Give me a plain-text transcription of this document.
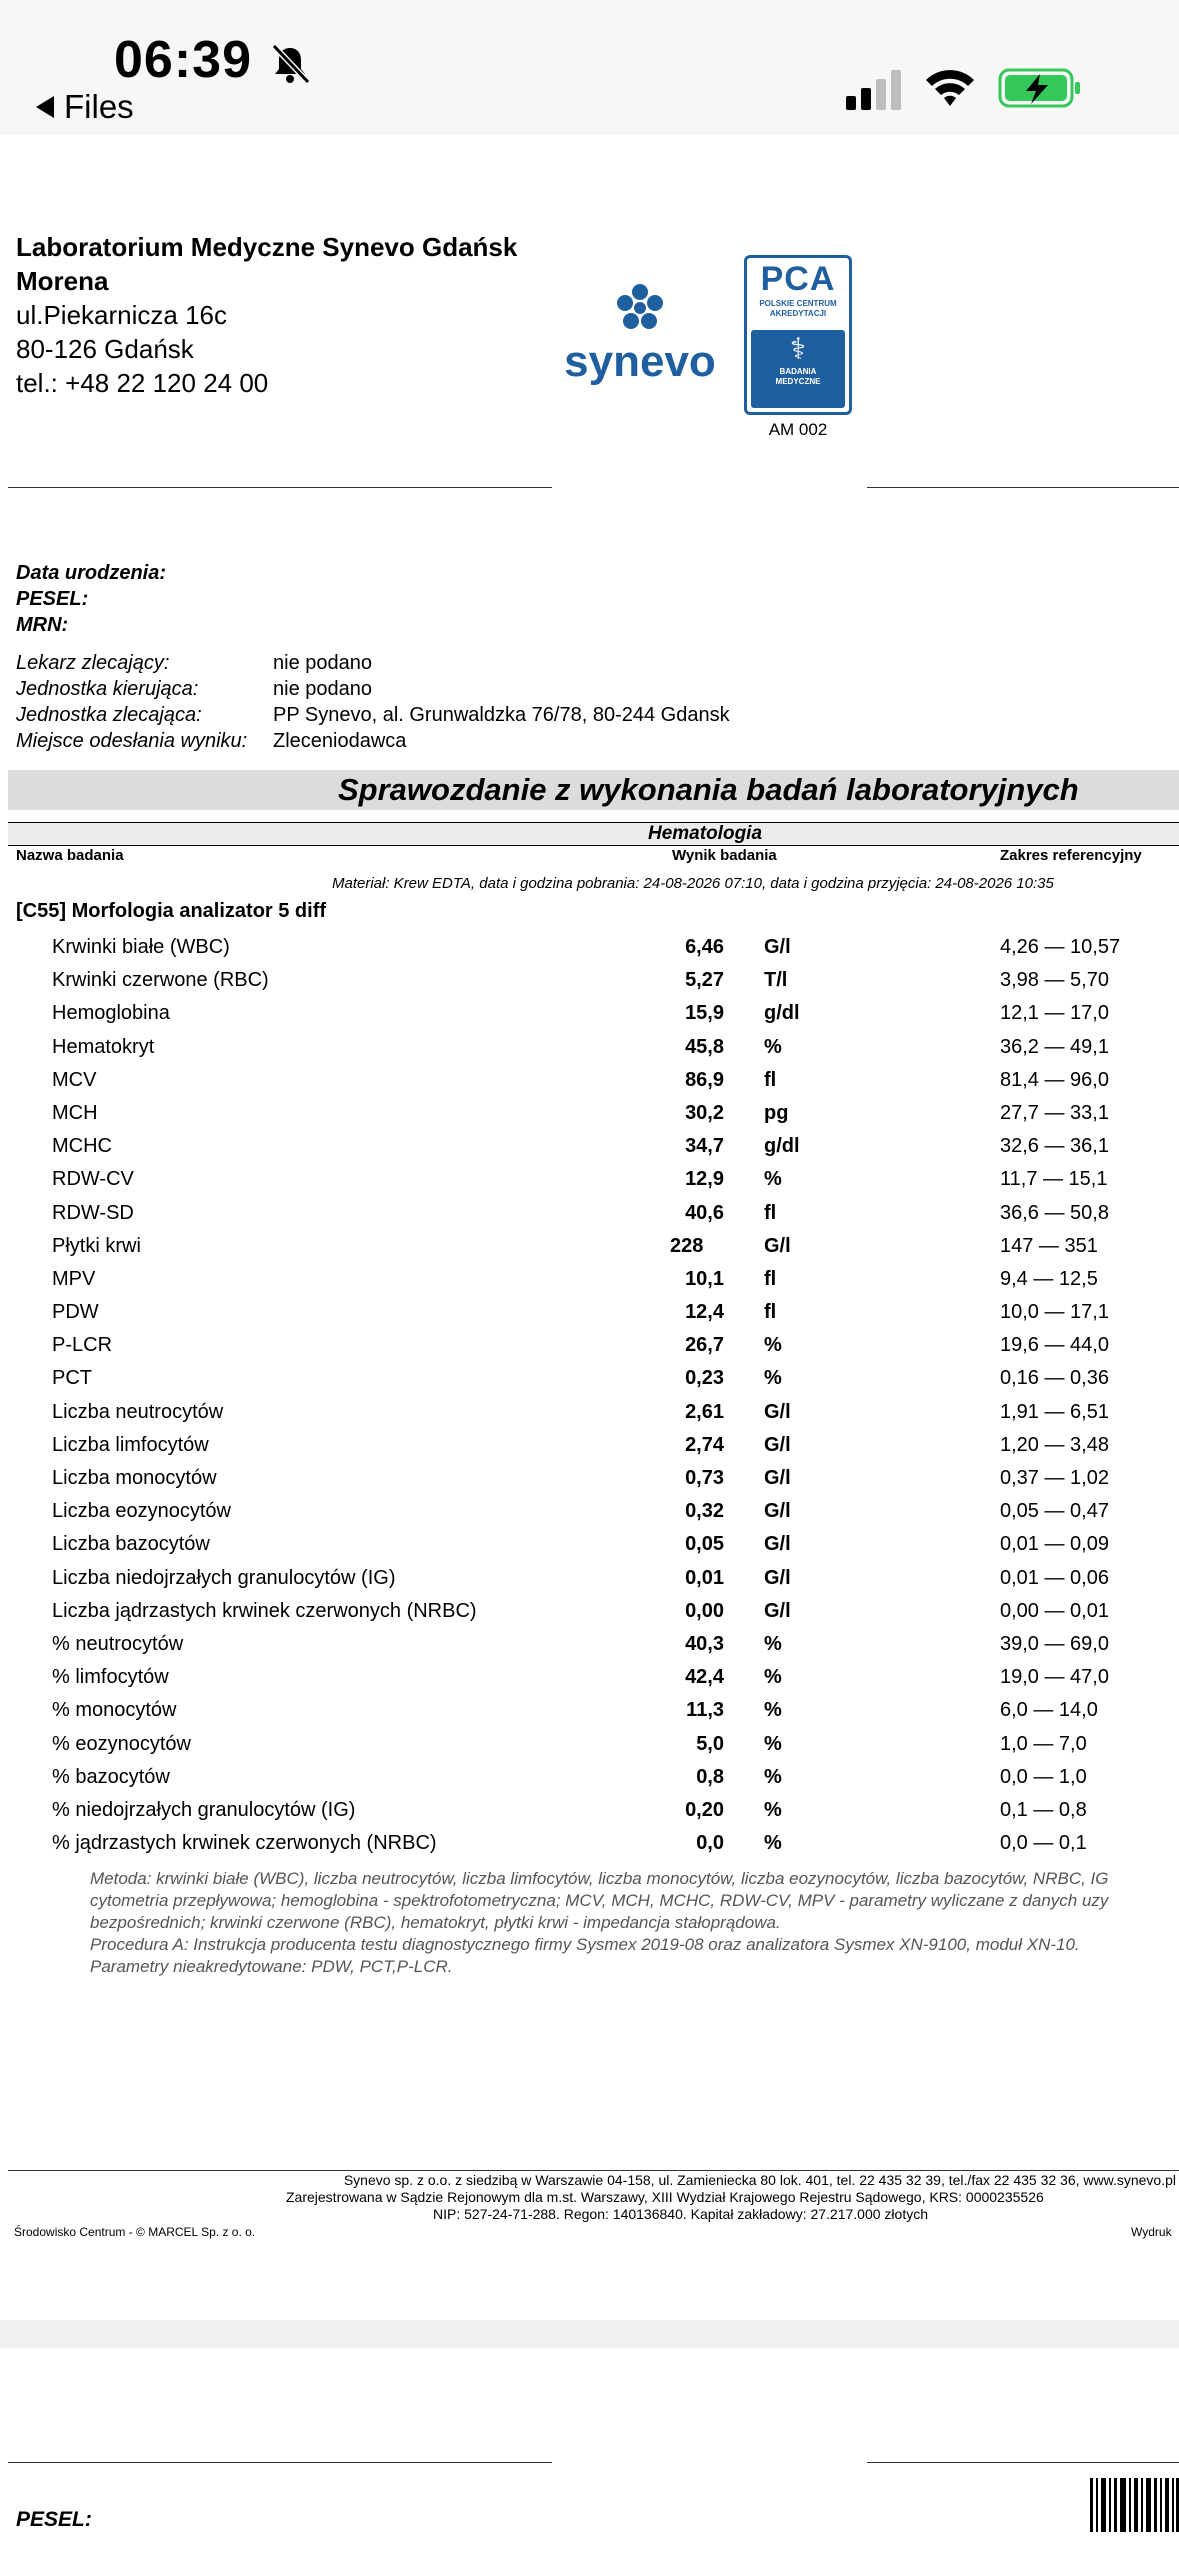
06:39
Files
Laboratorium Medyczne Synevo Gdańsk
Morena
ul.Piekarnicza 16c
80-126 Gdańsk
tel.: +48 22 120 24 00	synevo
PCA
POLSKIE CENTRUM
AKREDYTACJI
⚕
BADANIA
MEDYCZNE
AM 002
Data urodzenia:
PESEL:
MRN:
Lekarz zlecający:	nie podano
Jednostka kierująca:	nie podano
Jednostka zlecająca:	PP Synevo, al. Grunwaldzka 76/78, 80-244 Gdansk
Miejsce odesłania wyniku:	Zleceniodawca
Sprawozdanie z wykonania badań laboratoryjnych
Hematologia
Nazwa badania	Wynik badania	Zakres referencyjny
Materiał: Krew EDTA, data i godzina pobrania: 24-08-2026 07:10, data i godzina przyjęcia: 24-08-2026 10:35
[C55] Morfologia analizator 5 diff
Krwinki białe (WBC)	6,46 G/l	4,26 — 10,57
Krwinki czerwone (RBC)	5,27 T/l	3,98 — 5,70
Hemoglobina	15,9 g/dl	12,1 — 17,0
Hematokryt	45,8 %	36,2 — 49,1
MCV	86,9 fl	81,4 — 96,0
MCH	30,2 pg	27,7 — 33,1
MCHC	34,7 g/dl	32,6 — 36,1
RDW-CV	12,9 %	11,7 — 15,1
RDW-SD	40,6 fl	36,6 — 50,8
Płytki krwi	228	G/l	147 — 351
MPV	10,1 fl	9,4 — 12,5
PDW	12,4 fl	10,0 — 17,1
P-LCR	26,7 %	19,6 — 44,0
PCT	0,23 %	0,16 — 0,36
Liczba neutrocytów	2,61 G/l	1,91 — 6,51
Liczba limfocytów	2,74 G/l	1,20 — 3,48
Liczba monocytów	0,73 G/l	0,37 — 1,02
Liczba eozynocytów	0,32 G/l	0,05 — 0,47
Liczba bazocytów	0,05 G/l	0,01 — 0,09
Liczba niedojrzałych granulocytów (IG)	0,01 G/l	0,01 — 0,06
Liczba jądrzastych krwinek czerwonych (NRBC)	0,00 G/l	0,00 — 0,01
% neutrocytów	40,3 %	39,0 — 69,0
% limfocytów	42,4 %	19,0 — 47,0
% monocytów	11,3 %	6,0 — 14,0
% eozynocytów	5,0 %	1,0 — 7,0
% bazocytów	0,8 %	0,0 — 1,0
% niedojrzałych granulocytów (IG)	0,20 %	0,1 — 0,8
% jądrzastych krwinek czerwonych (NRBC)	0,0 %	0,0 — 0,1
Metoda: krwinki białe (WBC), liczba neutrocytów, liczba limfocytów, liczba monocytów, liczba eozynocytów, liczba bazocytów, NRBC, IG
cytometria przepływowa; hemoglobina - spektrofotometryczna; MCV, MCH, MCHC, RDW-CV, MPV - parametry wyliczane z danych uzy
bezpośrednich; krwinki czerwone (RBC), hematokryt, płytki krwi - impedancja stałoprądowa.
Procedura A: Instrukcja producenta testu diagnostycznego firmy Sysmex 2019-08 oraz analizatora Sysmex XN-9100, moduł XN-10.
Parametry nieakredytowane: PDW, PCT,P-LCR.
Synevo sp. z o.o. z siedzibą w Warszawie 04-158, ul. Zamieniecka 80 lok. 401, tel. 22 435 32 39, tel./fax 22 435 32 36, www.synevo.pl
Zarejestrowana w Sądzie Rejonowym dla m.st. Warszawy, XIII Wydział Krajowego Rejestru Sądowego, KRS: 0000235526
NIP: 527-24-71-288. Regon: 140136840. Kapitał zakładowy: 27.217.000 złotych
Środowisko Centrum - © MARCEL Sp. z o. o.	Wydruk
PESEL:
